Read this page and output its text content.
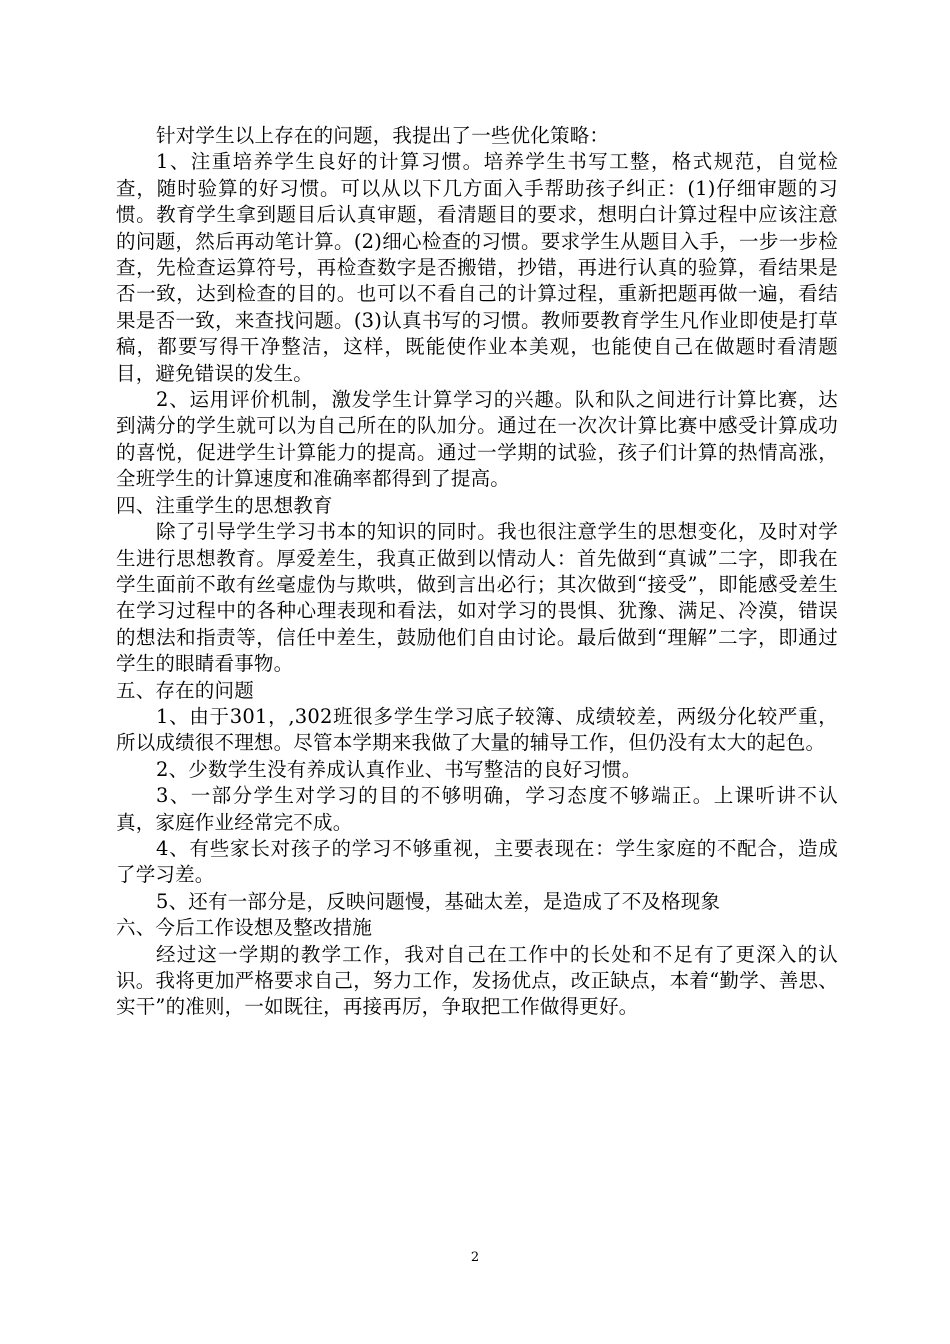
针对学生以上存在的问题，我提出了一些优化策略：

1、注重培养学生良好的计算习惯。培养学生书写工整，格式规范，自觉检查，随时验算的好习惯。可以从以下几方面入手帮助孩子纠正：(1)仔细审题的习惯。教育学生拿到题目后认真审题，看清题目的要求，想明白计算过程中应该注意的问题，然后再动笔计算。(2)细心检查的习惯。要求学生从题目入手，一步一步检查，先检查运算符号，再检查数字是否搬错，抄错，再进行认真的验算，看结果是否一致，达到检查的目的。也可以不看自己的计算过程，重新把题再做一遍，看结果是否一致，来查找问题。(3)认真书写的习惯。教师要教育学生凡作业即使是打草稿，都要写得干净整洁，这样，既能使作业本美观，也能使自己在做题时看清题目，避免错误的发生。

2、运用评价机制，激发学生计算学习的兴趣。队和队之间进行计算比赛，达到满分的学生就可以为自己所在的队加分。通过在一次次计算比赛中感受计算成功的喜悦，促进学生计算能力的提高。通过一学期的试验，孩子们计算的热情高涨，全班学生的计算速度和准确率都得到了提高。

四、注重学生的思想教育

除了引导学生学习书本的知识的同时。我也很注意学生的思想变化，及时对学生进行思想教育。厚爱差生，我真正做到以情动人：首先做到“真诚”二字，即我在学生面前不敢有丝毫虚伪与欺哄，做到言出必行；其次做到“接受”，即能感受差生在学习过程中的各种心理表现和看法，如对学习的畏惧、犹豫、满足、冷漠，错误的想法和指责等，信任中差生，鼓励他们自由讨论。最后做到“理解”二字，即通过学生的眼睛看事物。

五、存在的问题

1、由于301，,302班很多学生学习底子较簿、成绩较差，两级分化较严重，所以成绩很不理想。尽管本学期来我做了大量的辅导工作，但仍没有太大的起色。

2、少数学生没有养成认真作业、书写整洁的良好习惯。

3、一部分学生对学习的目的不够明确，学习态度不够端正。上课听讲不认真，家庭作业经常完不成。

4、有些家长对孩子的学习不够重视，主要表现在：学生家庭的不配合，造成了学习差。

5、还有一部分是，反映问题慢，基础太差，是造成了不及格现象

六、今后工作设想及整改措施

经过这一学期的教学工作，我对自己在工作中的长处和不足有了更深入的认识。我将更加严格要求自己，努力工作，发扬优点，改正缺点，本着“勤学、善思、实干”的准则，一如既往，再接再厉，争取把工作做得更好。

2
